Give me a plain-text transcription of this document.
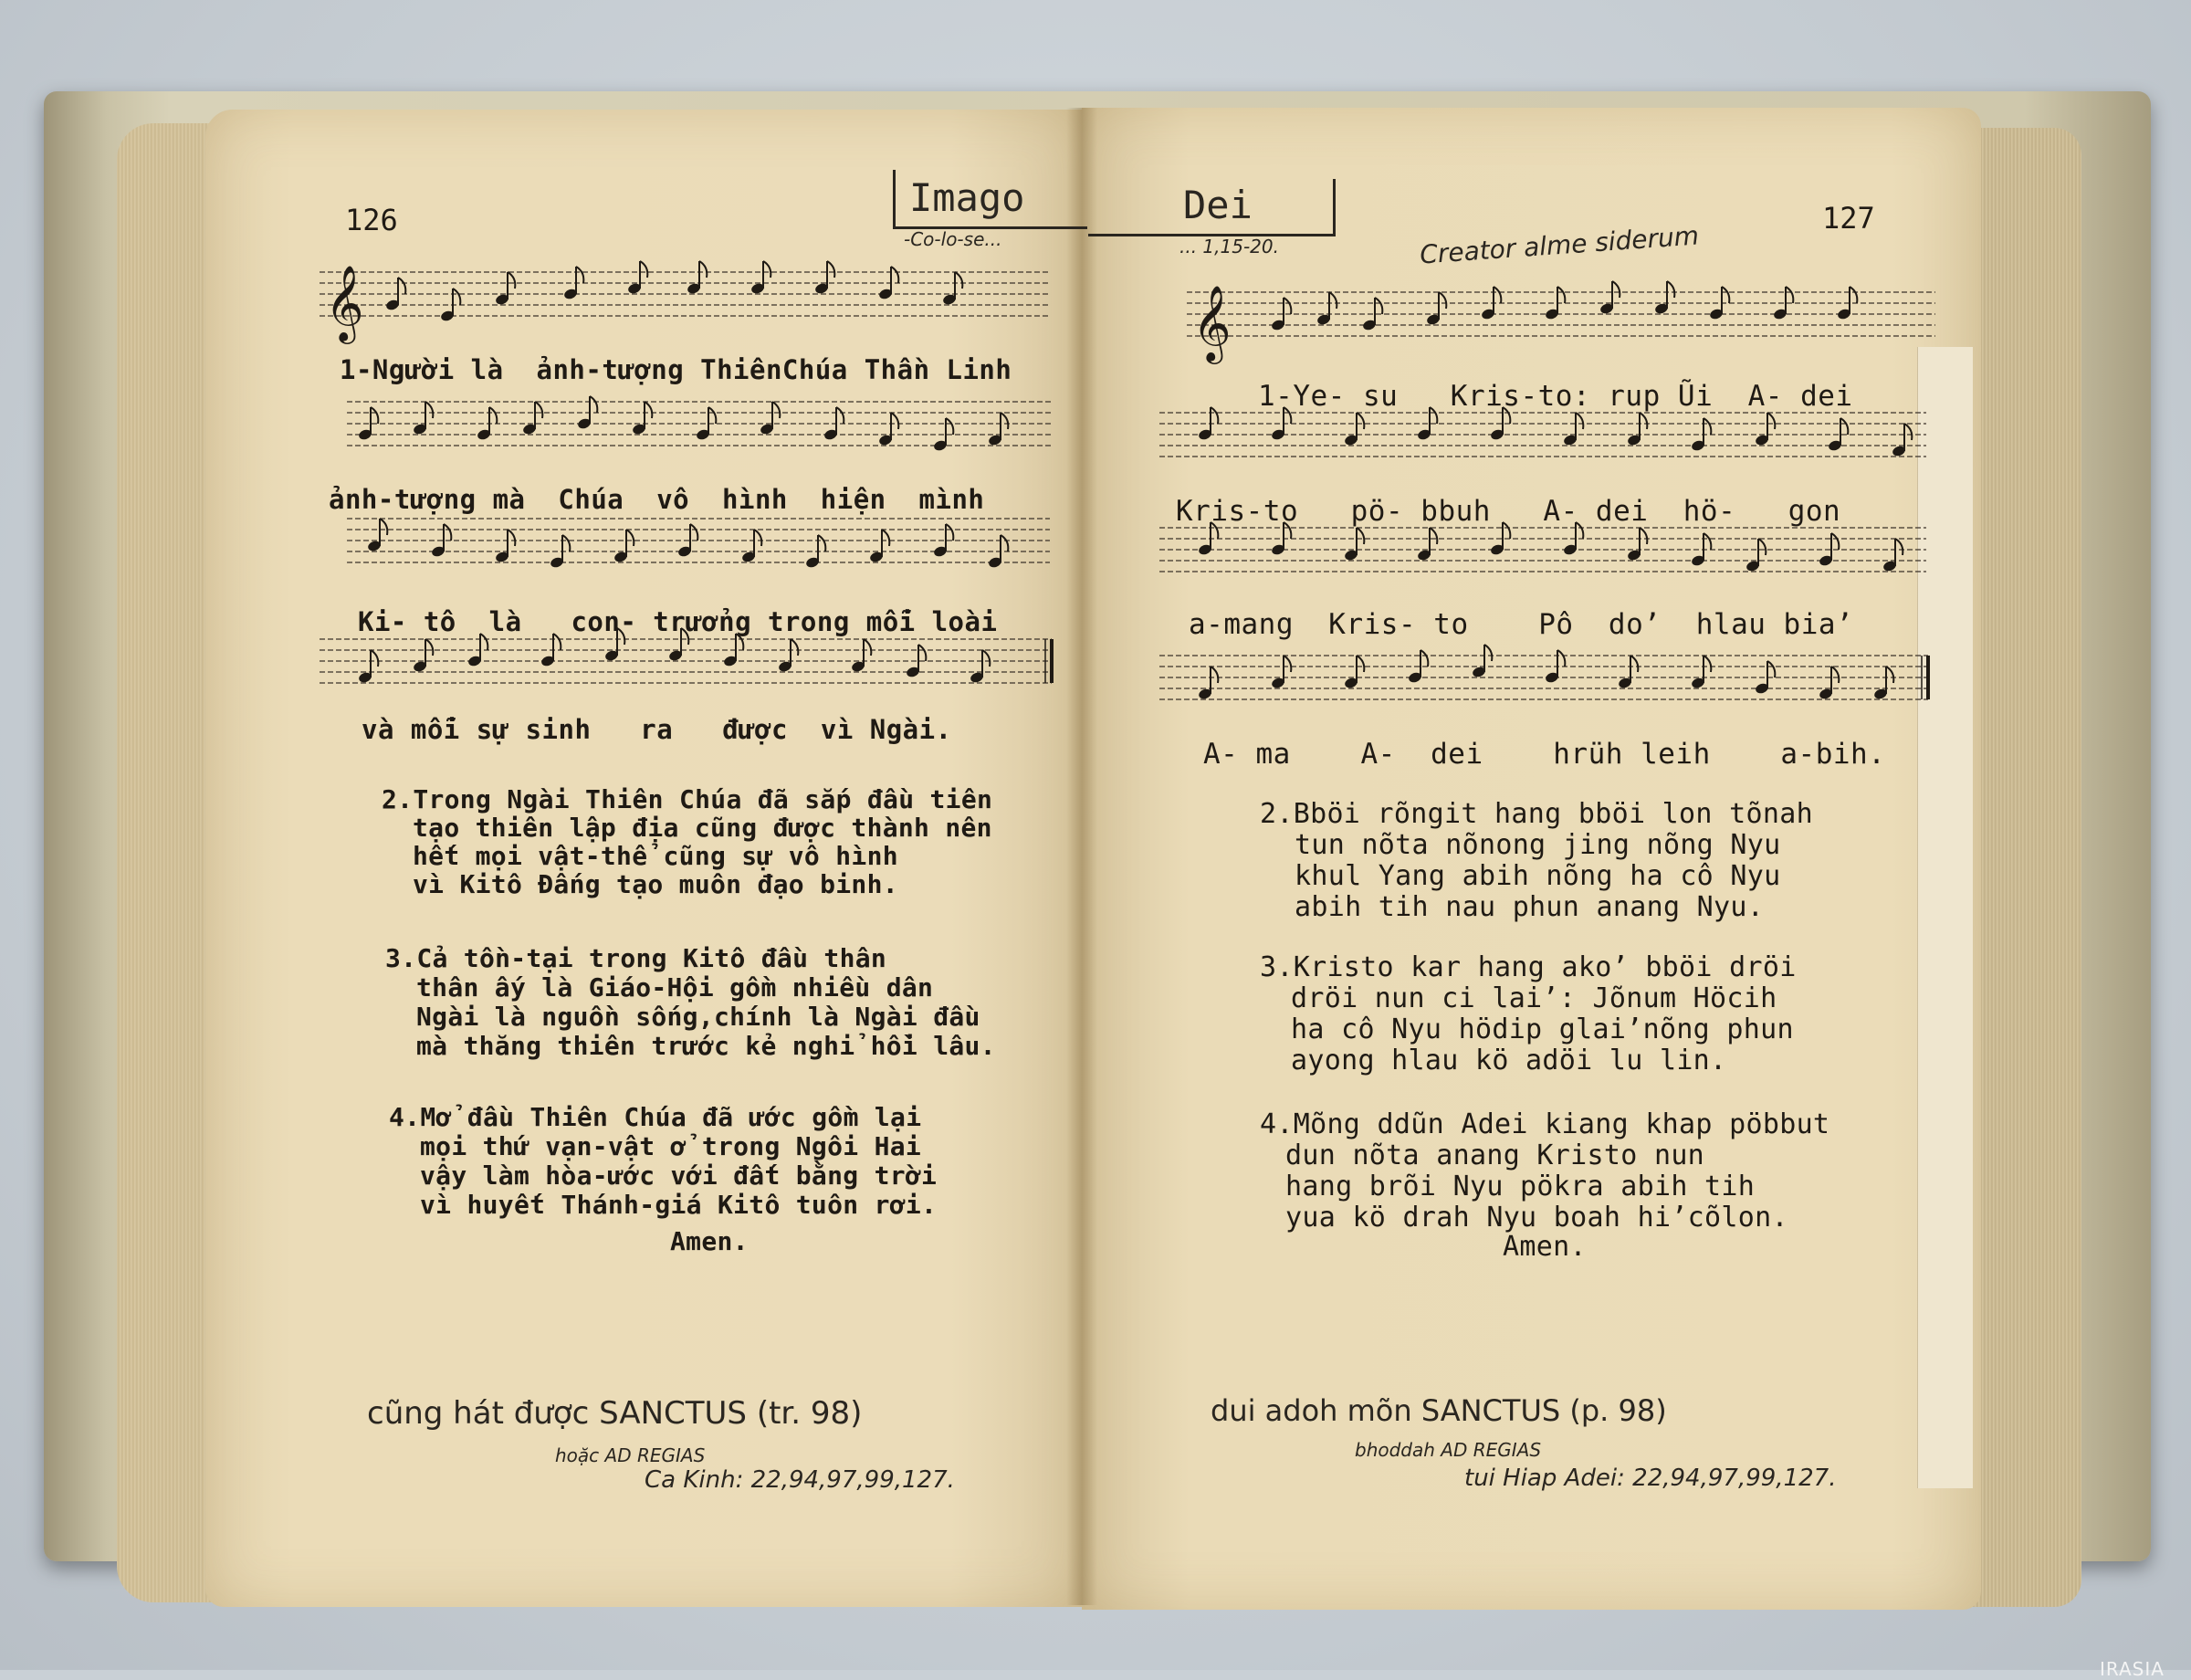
126	Imago

-Co-lo-se...

Dei

... 1,15-20.	Creator alme siderum

127

𝄞	𝄞

1-Người là  ảnh-tượng ThiênChúa Thần Linh

ảnh-tượng mà  Chúa  vô  hình  hiện  mình

Ki- tô  là   con- trưởng trong mỗi loài

và mỗi sự sinh   ra   được  vì Ngài.

2.Trong Ngài Thiên Chúa đã sắp đầu tiên

tạo thiên lập địa cũng được thành nên

hết mọi vật-thể cũng sự vô hình

vì Kitô Đấng tạo muôn đạo binh.

3.Cả tồn-tại trong Kitô đầu thân

thân ấy là Giáo-Hội gồm nhiều dân

Ngài là nguồn sống,chính là Ngài đầu

mà thăng thiên trước kẻ nghỉ hồi lâu.

4.Mở đầu Thiên Chúa đã ước gồm lại

mọi thứ vạn-vật ở trong Ngôi Hai

vậy làm hòa-ước với đất bằng trời

vì huyết Thánh-giá Kitô tuôn rơi.

Amen.

cũng hát được SANCTUS (tr. 98)

hoặc AD REGIAS

Ca Kinh: 22,94,97,99,127.

1-Ye- su   Kris-to: rup Ũi  A- dei

Kris-to   pö- bbuh   A- dei  hö-   gon

a-mang  Kris- to    Pô  do’  hlau bia’

A- ma    A-  dei    hrüh leih    a-bih.

2.Bböi rõngit hang bböi lon tõnah

tun nõta nõnong jing nõng Nyu

khul Yang abih nõng ha cô Nyu

abih tih nau phun anang Nyu.

3.Kristo kar hang ako’ bböi dröi

dröi nun ci lai’: Jõnum Höcih

ha cô Nyu hödip glai’nõng phun

ayong hlau kö adöi lu lin.

4.Mõng ddũn Adei kiang khap pöbbut

dun nõta anang Kristo nun

hang brõi Nyu pökra abih tih

yua kö drah Nyu boah hi’cõlon.

Amen.

dui adoh mõn SANCTUS (p. 98)

bhoddah AD REGIAS

tui Hiap Adei: 22,94,97,99,127.

IRASIA
